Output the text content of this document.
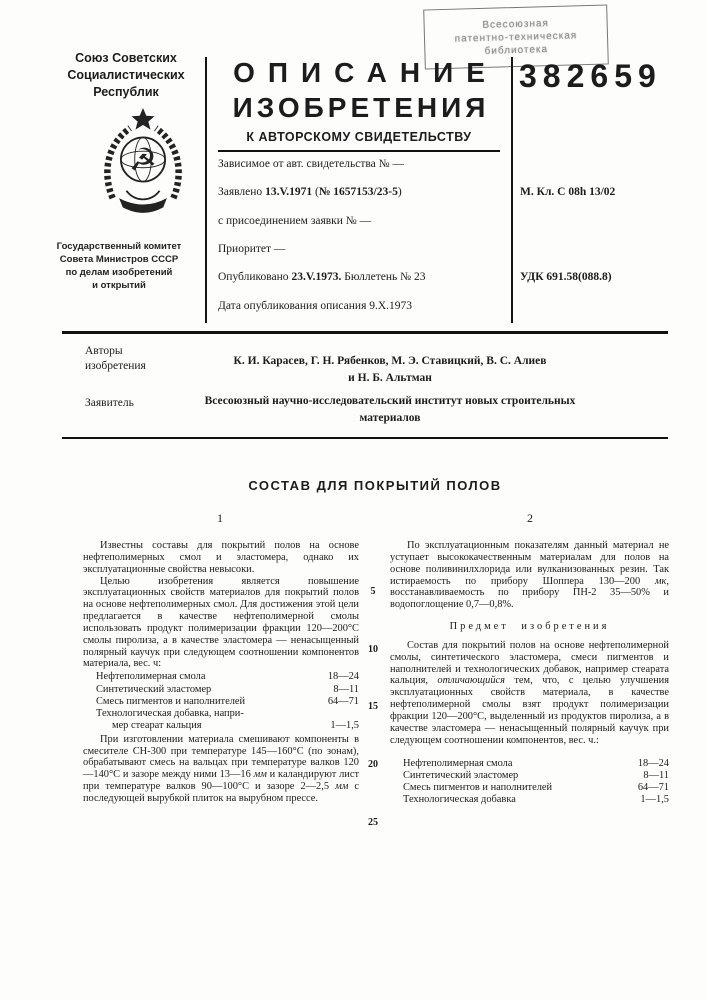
Всесоюзная
патентно-техническая
библиотека
Союз Советских
Социалистических
Республик
☭
Государственный комитет
Совета Министров СССР
по делам изобретений
и открытий
ОПИСАНИЕ
ИЗОБРЕТЕНИЯ
К АВТОРСКОМУ СВИДЕТЕЛЬСТВУ
382659
Зависимое от авт. свидетельства № —
Заявлено 13.V.1971 (№ 1657153/23-5)	М. Кл. С 08h 13/02
с присоединением заявки № —
Приоритет —
Опубликовано 23.V.1973. Бюллетень № 23	УДК 691.58(088.8)
Дата опубликования описания 9.X.1973
Авторы
изобретения	К. И. Карасев, Г. Н. Рябенков, М. Э. Ставицкий, В. С. Алиев
и Н. Б. Альтман
Заявитель	Всесоюзный научно-исследовательский институт новых строительных
материалов
СОСТАВ ДЛЯ ПОКРЫТИЙ ПОЛОВ
1	2
5
10
15
20
25

Известны составы для покрытий полов на основе нефтеполимерных смол и эластомера, однако их эксплуатационные свойства невысоки.

Целью изобретения является повышение эксплуатационных свойств материалов для покрытий полов на основе нефтеполимерных смол. Для достижения этой цели предлагается в качестве нефтеполимерной смолы использовать продукт полимеризации фракции 120—200°С смолы пиролиза, а в качестве эластомера — ненасыщенный полярный каучук при следующем соотношении компонентов материала, вес. ч:

Нефтеполимерная смола	18—24
Синтетический эластомер	8—11
Смесь пигментов и наполнителей	64—71
Технологическая добавка, напри-
мер стеарат кальция	1—1,5

При изготовлении материала смешивают компоненты в смесителе СН-300 при температуре 145—160°С (по зонам), обрабатывают смесь на вальцах при температуре валков 120—140°С и зазоре между ними 13—16 мм и каландируют лист при температуре валков 90—100°С и зазоре 2—2,5 мм с последующей вырубкой плиток на вырубном прессе.

По эксплуатационным показателям данный материал не уступает высококачественным материалам для полов на основе поливинилхлорида или вулканизованных резин. Так истираемость по прибору Шоппера 130—200 мк, восстанавливаемость по прибору ПН-2 35—50% и водопоглощение 0,7—0,8%.

Предмет изобретения

Состав для покрытий полов на основе нефтеполимерной смолы, синтетического эластомера, смеси пигментов и наполнителей и технологических добавок, например стеарата кальция, отличающийся тем, что, с целью улучшения эксплуатационных свойств материала, в качестве нефтеполимерной смолы взят продукт полимеризации фракции 120—200°С, выделенный из продуктов пиролиза, а в качестве эластомера — ненасыщенный полярный каучук при следующем соотношении компонентов, вес. ч.:

Нефтеполимерная смола	18—24
Синтетический эластомер	8—11
Смесь пигментов и наполнителей	64—71
Технологическая добавка	1—1,5
